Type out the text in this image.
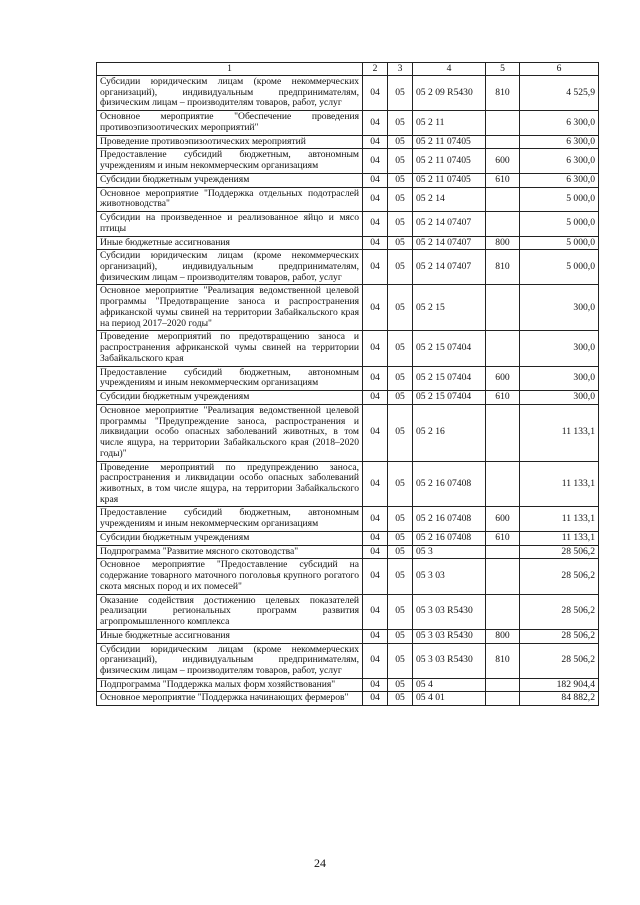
1	2	3	4	5	6
Субсидии юридическим лицам (кроме некоммерческих организаций), индивидуальным предпринимателям, физическим лицам – производителям товаров, работ, услуг	04	05	05 2 09 R5430	810	4 525,9
Основное мероприятие "Обеспечение проведения противоэпизоотических мероприятий"	04	05	05 2 11		6 300,0
Проведение противоэпизоотических мероприятий	04	05	05 2 11 07405		6 300,0
Предоставление субсидий бюджетным, автономным учреждениям и иным некоммерческим организациям	04	05	05 2 11 07405	600	6 300,0
Субсидии бюджетным учреждениям	04	05	05 2 11 07405	610	6 300,0
Основное мероприятие "Поддержка отдельных подотраслей животноводства"	04	05	05 2 14		5 000,0
Субсидии на произведенное и реализованное яйцо и мясо птицы	04	05	05 2 14 07407		5 000,0
Иные бюджетные ассигнования	04	05	05 2 14 07407	800	5 000,0
Субсидии юридическим лицам (кроме некоммерческих организаций), индивидуальным предпринимателям, физическим лицам – производителям товаров, работ, услуг	04	05	05 2 14 07407	810	5 000,0
Основное мероприятие "Реализация ведомственной целевой программы "Предотвращение заноса и распространения африканской чумы свиней на территории Забайкальского края на период 2017–2020 годы"	04	05	05 2 15		300,0
Проведение мероприятий по предотвращению заноса и распространения африканской чумы свиней на территории Забайкальского края	04	05	05 2 15 07404		300,0
Предоставление субсидий бюджетным, автономным учреждениям и иным некоммерческим организациям	04	05	05 2 15 07404	600	300,0
Субсидии бюджетным учреждениям	04	05	05 2 15 07404	610	300,0
Основное мероприятие "Реализация ведомственной целевой программы "Предупреждение заноса, распространения и ликвидации особо опасных заболеваний животных, в том числе ящура, на территории Забайкальского края (2018–2020 годы)"	04	05	05 2 16		11 133,1
Проведение мероприятий по предупреждению заноса, распространения и ликвидации особо опасных заболеваний животных, в том числе ящура, на территории Забайкальского края	04	05	05 2 16 07408		11 133,1
Предоставление субсидий бюджетным, автономным учреждениям и иным некоммерческим организациям	04	05	05 2 16 07408	600	11 133,1
Субсидии бюджетным учреждениям	04	05	05 2 16 07408	610	11 133,1
Подпрограмма "Развитие мясного скотоводства"	04	05	05 3		28 506,2
Основное мероприятие "Предоставление субсидий на содержание товарного маточного поголовья крупного рогатого скота мясных пород и их помесей"	04	05	05 3 03		28 506,2
Оказание содействия достижению целевых показателей реализации региональных программ развития агропромышленного комплекса	04	05	05 3 03 R5430		28 506,2
Иные бюджетные ассигнования	04	05	05 3 03 R5430	800	28 506,2
Субсидии юридическим лицам (кроме некоммерческих организаций), индивидуальным предпринимателям, физическим лицам – производителям товаров, работ, услуг	04	05	05 3 03 R5430	810	28 506,2
Подпрограмма "Поддержка малых форм хозяйствования"	04	05	05 4		182 904,4
Основное мероприятие "Поддержка начинающих фермеров"	04	05	05 4 01		84 882,2
24
